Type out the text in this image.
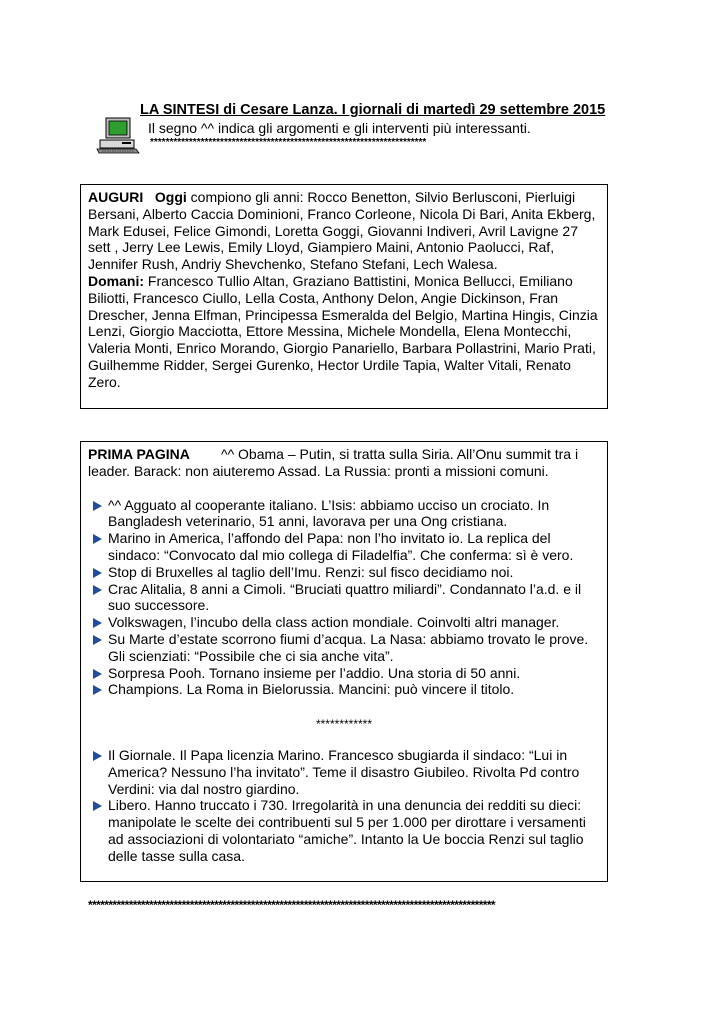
LA SINTESI di Cesare Lanza. I giornali di martedì 29 settembre 2015
Il segno ^^ indica gli argomenti e gli interventi più interessanti.
***********************************************************************
AUGURI Oggi compiono gli anni: Rocco Benetton, Silvio Berlusconi, Pierluigi Bersani, Alberto Caccia Dominioni, Franco Corleone, Nicola Di Bari, Anita Ekberg, Mark Edusei, Felice Gimondi, Loretta Goggi, Giovanni Indiveri, Avril Lavigne 27 sett , Jerry Lee Lewis, Emily Lloyd, Giampiero Maini, Antonio Paolucci, Raf, Jennifer Rush, Andriy Shevchenko, Stefano Stefani, Lech Walesa.
Domani: Francesco Tullio Altan, Graziano Battistini, Monica Bellucci, Emiliano Biliotti, Francesco Ciullo, Lella Costa, Anthony Delon, Angie Dickinson, Fran Drescher, Jenna Elfman, Principessa Esmeralda del Belgio, Martina Hingis, Cinzia Lenzi, Giorgio Macciotta, Ettore Messina, Michele Mondella, Elena Montecchi, Valeria Monti, Enrico Morando, Giorgio Panariello, Barbara Pollastrini, Mario Prati, Guilhemme Ridder, Sergei Gurenko, Hector Urdile Tapia, Walter Vitali, Renato Zero.
PRIMA PAGINA ^^ Obama – Putin, si tratta sulla Siria. All’Onu summit tra i leader. Barack: non aiuteremo Assad. La Russia: pronti a missioni comuni.
^^ Agguato al cooperante italiano. L’Isis: abbiamo ucciso un crociato. In Bangladesh veterinario, 51 anni, lavorava per una Ong cristiana.
Marino in America, l’affondo del Papa: non l’ho invitato io. La replica del sindaco: “Convocato dal mio collega di Filadelfia”. Che conferma: sì è vero.
Stop di Bruxelles al taglio dell’Imu. Renzi: sul fisco decidiamo noi.
Crac Alitalia, 8 anni a Cimoli. “Bruciati quattro miliardi”. Condannato l’a.d. e il suo successore.
Volkswagen, l’incubo della class action mondiale. Coinvolti altri manager.
Su Marte d’estate scorrono fiumi d’acqua. La Nasa: abbiamo trovato le prove. Gli scienziati: “Possibile che ci sia anche vita”.
Sorpresa Pooh. Tornano insieme per l’addio. Una storia di 50 anni.
Champions. La Roma in Bielorussia. Mancini: può vincere il titolo.
************
Il Giornale. Il Papa licenzia Marino. Francesco sbugiarda il sindaco: “Lui in America? Nessuno l’ha invitato”. Teme il disastro Giubileo. Rivolta Pd contro Verdini: via dal nostro giardino.
Libero. Hanno truccato i 730. Irregolarità in una denuncia dei redditi su dieci: manipolate le scelte dei contribuenti sul 5 per 1.000 per dirottare i versamenti ad associazioni di volontariato “amiche”. Intanto la Ue boccia Renzi sul taglio delle tasse sulla casa.
****************************************************************************************************
